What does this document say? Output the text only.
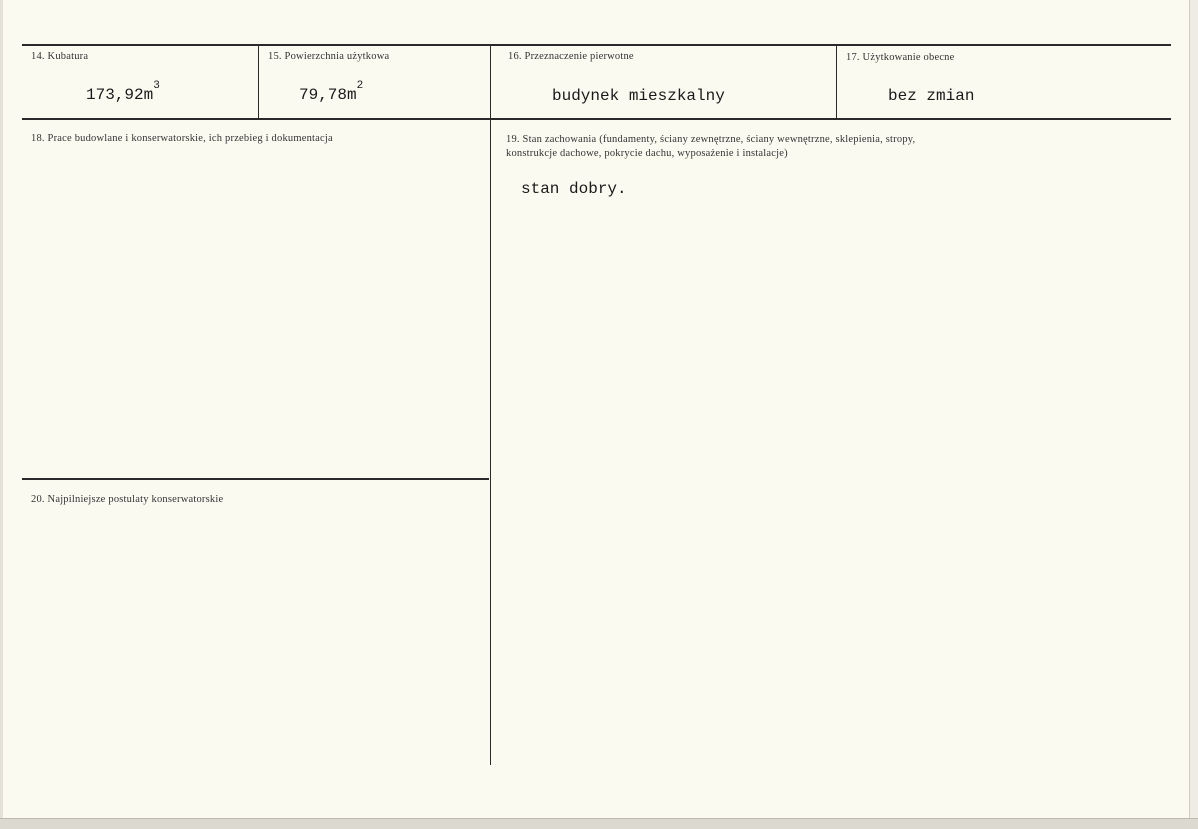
14. Kubatura
$173,92m^3$
15. Powierzchnia użytkowa
$79,78m^2$
16. Przeznaczenie pierwotne
budynek mieszkalny
17. Użytkowanie obecne
bez zmian
18. Prace budowlane i konserwatorskie, ich przebieg i dokumentacja	19. Stan zachowania (fundamenty, ściany zewnętrzne, ściany wewnętrzne, sklepienia, stropy,
konstrukcje dachowe, pokrycie dachu, wyposażenie i instalacje)
stan dobry.
20. Najpilniejsze postulaty konserwatorskie
